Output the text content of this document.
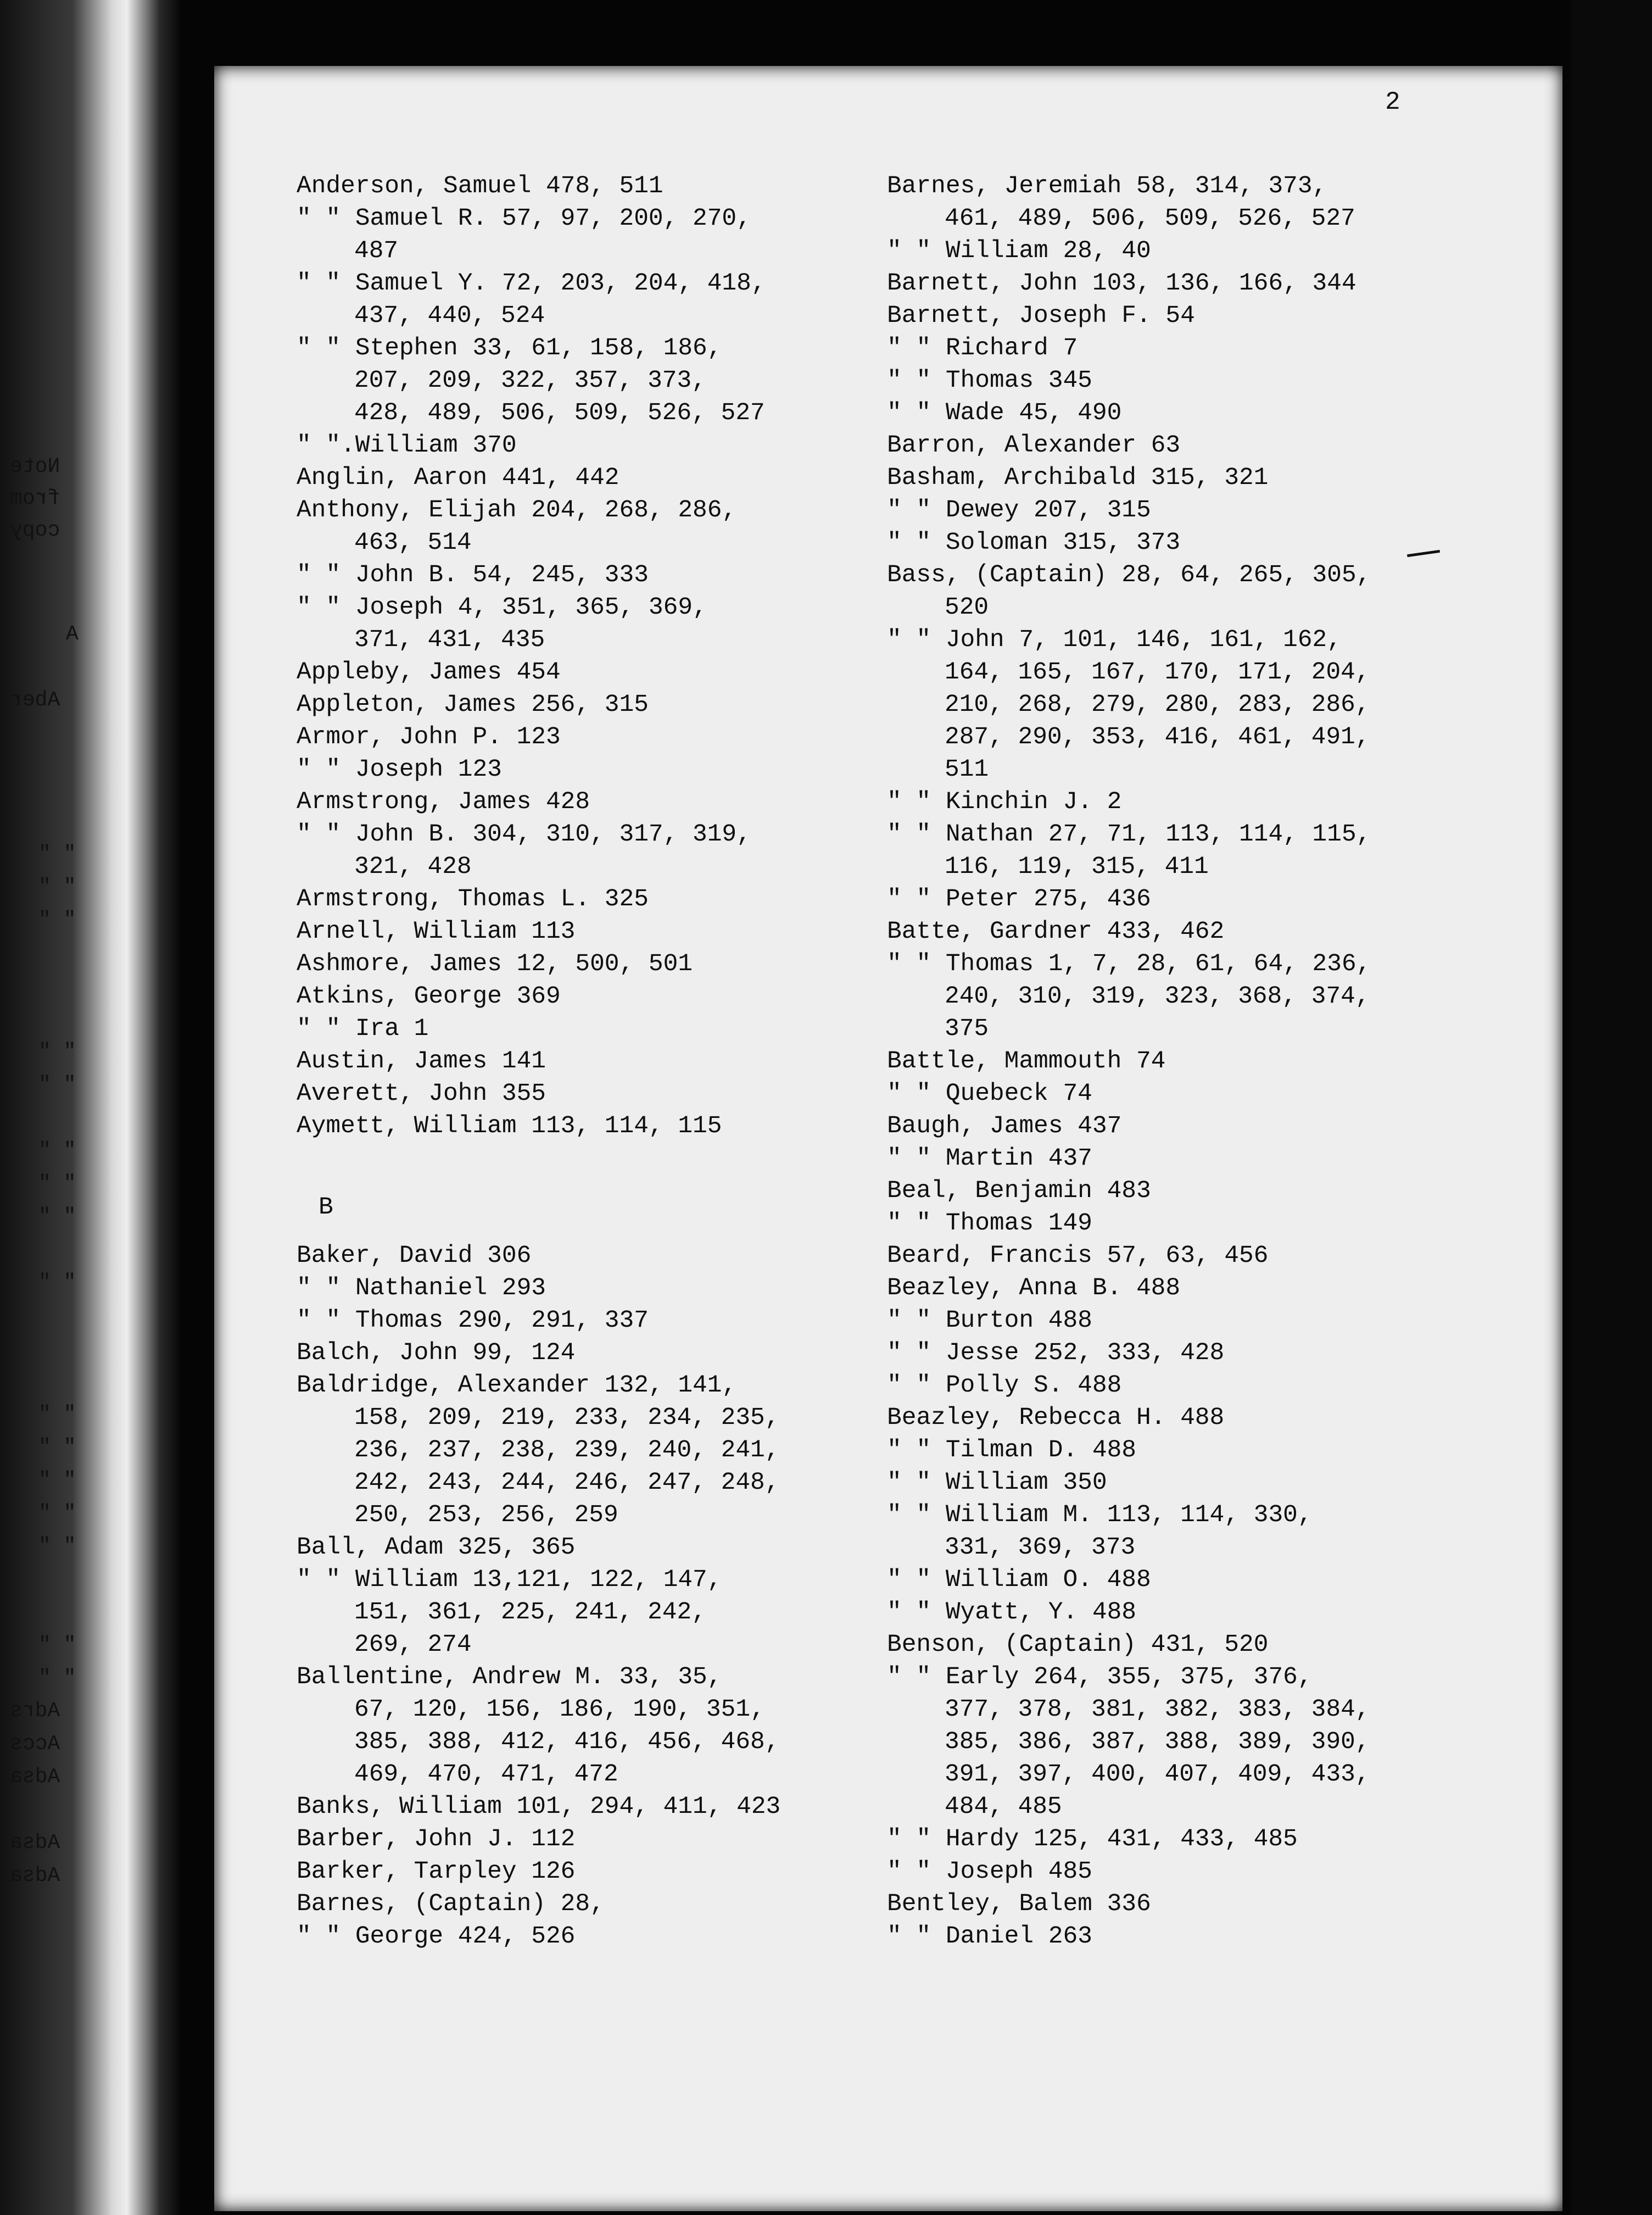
Note
from
copy
A
Aber
" "
" "
" "
" "
" "
" "
" "
" "
" "
" "
" "
" "
" "
" "
" "
" "
Adrs
Accs
Adsa
Adsa
Adsa
2
Anderson, Samuel 478, 511
" " Samuel R. 57, 97, 200, 270,
487
" " Samuel Y. 72, 203, 204, 418,
437, 440, 524
" " Stephen 33, 61, 158, 186,
207, 209, 322, 357, 373,
428, 489, 506, 509, 526, 527
" ".William 370
Anglin, Aaron 441, 442
Anthony, Elijah 204, 268, 286,
463, 514
" " John B. 54, 245, 333
" " Joseph 4, 351, 365, 369,
371, 431, 435
Appleby, James 454
Appleton, James 256, 315
Armor, John P. 123
" " Joseph 123
Armstrong, James 428
" " John B. 304, 310, 317, 319,
321, 428
Armstrong, Thomas L. 325
Arnell, William 113
Ashmore, James 12, 500, 501
Atkins, George 369
" " Ira 1
Austin, James 141
Averett, John 355
Aymett, William 113, 114, 115
B
Baker, David 306
" " Nathaniel 293
" " Thomas 290, 291, 337
Balch, John 99, 124
Baldridge, Alexander 132, 141,
158, 209, 219, 233, 234, 235,
236, 237, 238, 239, 240, 241,
242, 243, 244, 246, 247, 248,
250, 253, 256, 259
Ball, Adam 325, 365
" " William 13,121, 122, 147,
151, 361, 225, 241, 242,
269, 274
Ballentine, Andrew M. 33, 35,
67, 120, 156, 186, 190, 351,
385, 388, 412, 416, 456, 468,
469, 470, 471, 472
Banks, William 101, 294, 411, 423
Barber, John J. 112
Barker, Tarpley 126
Barnes, (Captain) 28,
" " George 424, 526
Barnes, Jeremiah 58, 314, 373,
461, 489, 506, 509, 526, 527
" " William 28, 40
Barnett, John 103, 136, 166, 344
Barnett, Joseph F. 54
" " Richard 7
" " Thomas 345
" " Wade 45, 490
Barron, Alexander 63
Basham, Archibald 315, 321
" " Dewey 207, 315
" " Soloman 315, 373
Bass, (Captain) 28, 64, 265, 305,
520
" " John 7, 101, 146, 161, 162,
164, 165, 167, 170, 171, 204,
210, 268, 279, 280, 283, 286,
287, 290, 353, 416, 461, 491,
511
" " Kinchin J. 2
" " Nathan 27, 71, 113, 114, 115,
116, 119, 315, 411
" " Peter 275, 436
Batte, Gardner 433, 462
" " Thomas 1, 7, 28, 61, 64, 236,
240, 310, 319, 323, 368, 374,
375
Battle, Mammouth 74
" " Quebeck 74
Baugh, James 437
" " Martin 437
Beal, Benjamin 483
" " Thomas 149
Beard, Francis 57, 63, 456
Beazley, Anna B. 488
" " Burton 488
" " Jesse 252, 333, 428
" " Polly S. 488
Beazley, Rebecca H. 488
" " Tilman D. 488
" " William 350
" " William M. 113, 114, 330,
331, 369, 373
" " William O. 488
" " Wyatt, Y. 488
Benson, (Captain) 431, 520
" " Early 264, 355, 375, 376,
377, 378, 381, 382, 383, 384,
385, 386, 387, 388, 389, 390,
391, 397, 400, 407, 409, 433,
484, 485
" " Hardy 125, 431, 433, 485
" " Joseph 485
Bentley, Balem 336
" " Daniel 263
